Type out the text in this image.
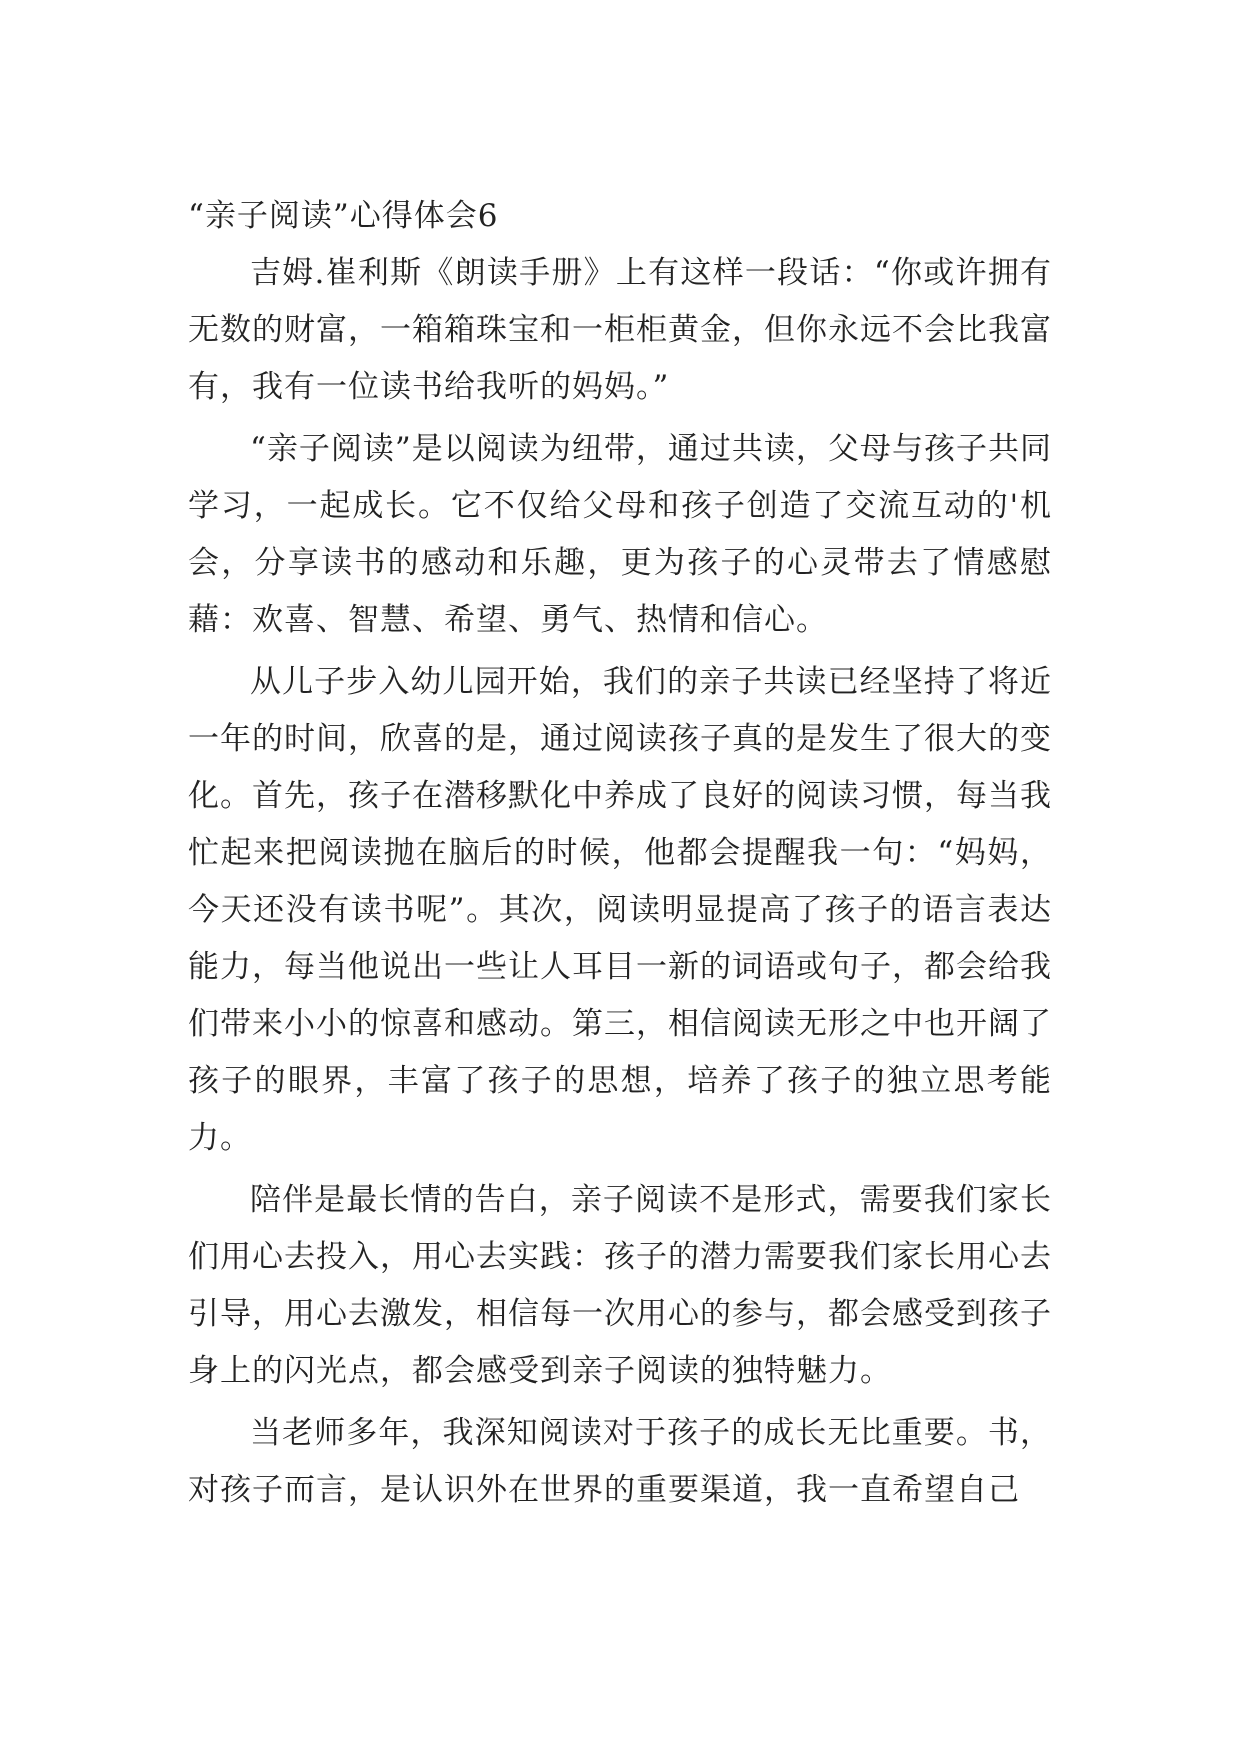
“亲子阅读”心得体会6

吉姆.崔利斯《朗读手册》上有这样一段话：“你或许拥有无数的财富，一箱箱珠宝和一柜柜黄金，但你永远不会比我富有，我有一位读书给我听的妈妈。”

“亲子阅读”是以阅读为纽带，通过共读，父母与孩子共同学习，一起成长。它不仅给父母和孩子创造了交流互动的'机会，分享读书的感动和乐趣，更为孩子的心灵带去了情感慰藉：欢喜、智慧、希望、勇气、热情和信心。

从儿子步入幼儿园开始，我们的亲子共读已经坚持了将近一年的时间，欣喜的是，通过阅读孩子真的是发生了很大的变化。首先，孩子在潜移默化中养成了良好的阅读习惯，每当我忙起来把阅读抛在脑后的时候，他都会提醒我一句：“妈妈，今天还没有读书呢”。其次，阅读明显提高了孩子的语言表达能力，每当他说出一些让人耳目一新的词语或句子，都会给我们带来小小的惊喜和感动。第三，相信阅读无形之中也开阔了孩子的眼界，丰富了孩子的思想，培养了孩子的独立思考能力。

陪伴是最长情的告白，亲子阅读不是形式，需要我们家长们用心去投入，用心去实践：孩子的潜力需要我们家长用心去引导，用心去激发，相信每一次用心的参与，都会感受到孩子身上的闪光点，都会感受到亲子阅读的独特魅力。

当老师多年，我深知阅读对于孩子的成长无比重要。书，对孩子而言，是认识外在世界的重要渠道，我一直希望自己
